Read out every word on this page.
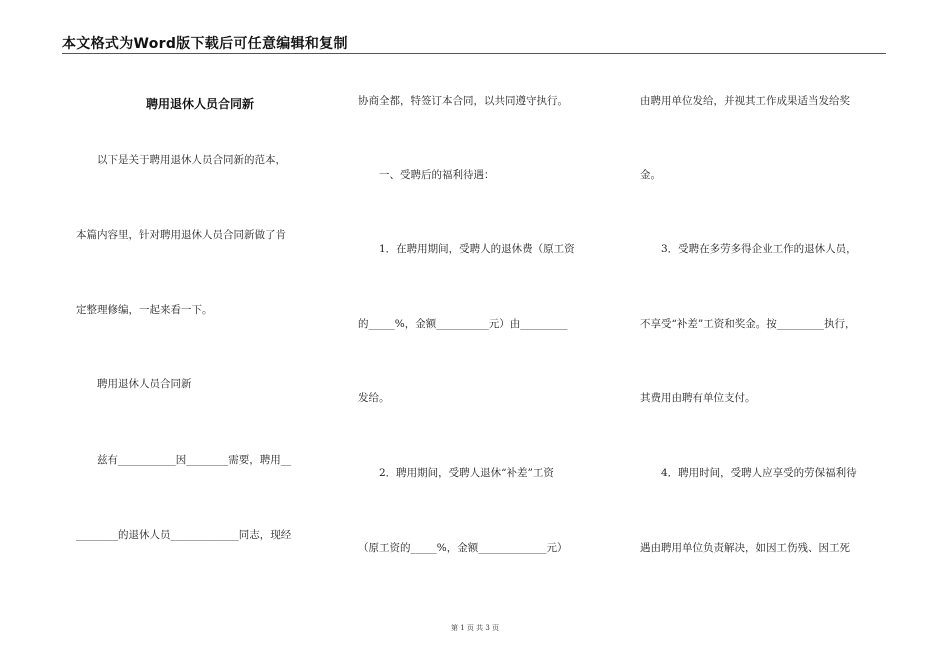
本文格式为Word版下载后可任意编辑和复制
聘用退休人员合同新
　　以下是关于聘用退休人员合同新的范本，
本篇内容里，针对聘用退休人员合同新做了肯
定整理修编，一起来看一下。
　　聘用退休人员合同新
　　兹有___________因________需要，聘用__
________的退休人员_____________同志，现经
协商全都，特签订本合同，以共同遵守执行。
　　一、受聘后的福利待遇：
　　1．在聘用期间，受聘人的退休费（原工资
的_____%，金额__________元）由_________
发给。
　　2．聘用期间，受聘人退休“补差”工资
（原工资的_____%，金额_____________元）
由聘用单位发给，并视其工作成果适当发给奖
金。
　　3．受聘在多劳多得企业工作的退休人员，
不享受“补差”工资和奖金。按_________执行，
其费用由聘有单位支付。
　　4．聘用时间，受聘人应享受的劳保福利待
遇由聘用单位负责解决，如因工伤残、因工死
第 1 页 共 3 页
